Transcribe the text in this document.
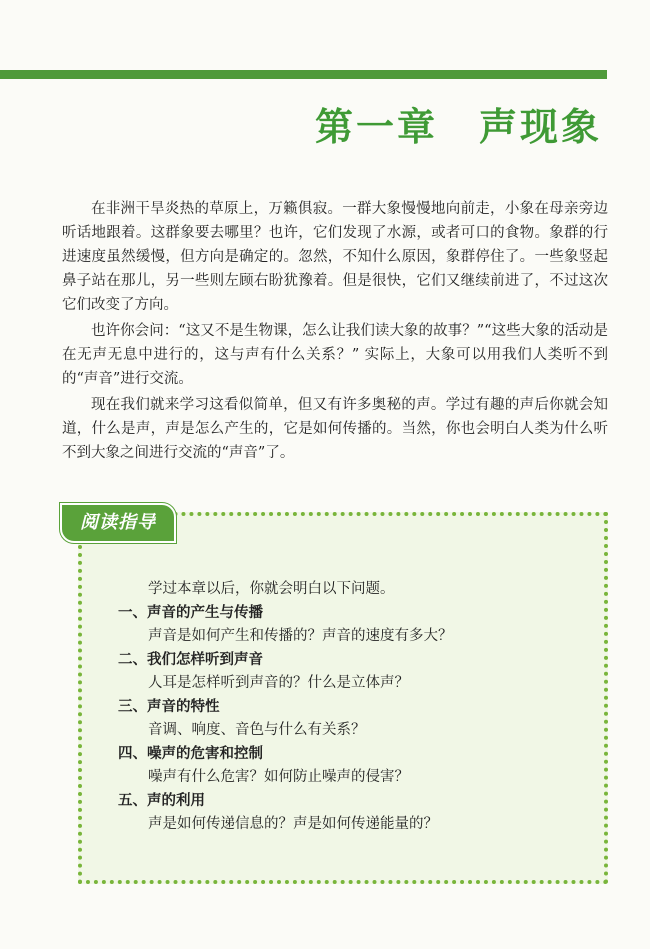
第一章　声现象

在非洲干旱炎热的草原上，万籁俱寂。一群大象慢慢地向前走，小象在母亲旁边听话地跟着。这群象要去哪里？也许，它们发现了水源，或者可口的食物。象群的行进速度虽然缓慢，但方向是确定的。忽然，不知什么原因，象群停住了。一些象竖起鼻子站在那儿，另一些则左顾右盼犹豫着。但是很快，它们又继续前进了，不过这次它们改变了方向。

也许你会问：“这又不是生物课，怎么让我们读大象的故事？”“这些大象的活动是在无声无息中进行的，这与声有什么关系？” 实际上，大象可以用我们人类听不到的“声音”进行交流。

现在我们就来学习这看似简单，但又有许多奥秘的声。学过有趣的声后你就会知道，什么是声，声是怎么产生的，它是如何传播的。当然，你也会明白人类为什么听不到大象之间进行交流的“声音”了。

阅读指导
学过本章以后，你就会明白以下问题。
一、声音的产生与传播
声音是如何产生和传播的？声音的速度有多大？
二、我们怎样听到声音
人耳是怎样听到声音的？什么是立体声？
三、声音的特性
音调、响度、音色与什么有关系？
四、噪声的危害和控制
噪声有什么危害？如何防止噪声的侵害？
五、声的利用
声是如何传递信息的？声是如何传递能量的？
